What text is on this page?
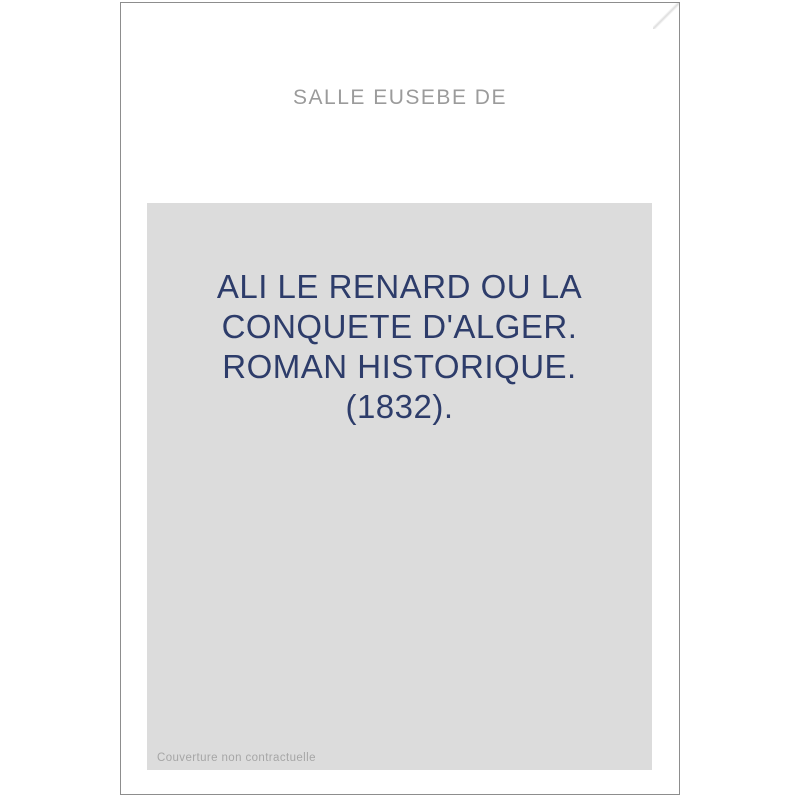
SALLE EUSEBE DE
ALI LE RENARD OU LA
CONQUETE D'ALGER.
ROMAN HISTORIQUE.
(1832).
Couverture non contractuelle
